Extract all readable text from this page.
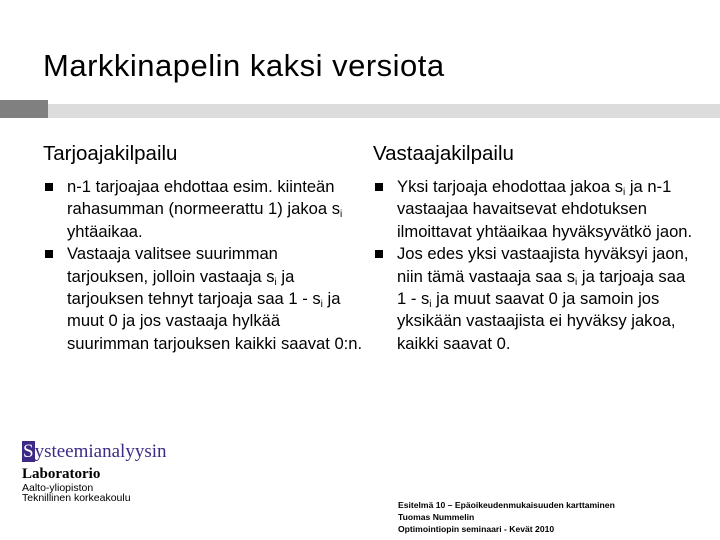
Markkinapelin kaksi versiota
Tarjoajakilpailu
n-1 tarjoajaa ehdottaa esim. kiinteän rahasumman (normeerattu 1) jakoa $s_i$ yhtäaikaa.
Vastaaja valitsee suurimman tarjouksen, jolloin vastaaja $s_i$ ja tarjouksen tehnyt tarjoaja saa $1 - s_i$ ja muut 0 ja jos vastaaja hylkää suurimman tarjouksen kaikki saavat 0:n.
Vastaajakilpailu
Yksi tarjoaja ehodottaa jakoa $s_i$ ja n-1 vastaajaa havaitsevat ehdotuksen ilmoittavat yhtäaikaa hyväksyvätkö jaon.
Jos edes yksi vastaajista hyväksyi jaon, niin tämä vastaaja saa $s_i$ ja tarjoaja saa $1 - s_i$ ja muut saavat 0 ja samoin jos yksikään vastaajista ei hyväksy jakoa, kaikki saavat 0.
Systeemianalyysin
Laboratorio
Aalto-yliopiston
Teknillinen korkeakoulu
Esitelmä 10 – Epäoikeudenmukaisuuden karttaminen
Tuomas Nummelin
Optimointiopin seminaari - Kevät 2010
